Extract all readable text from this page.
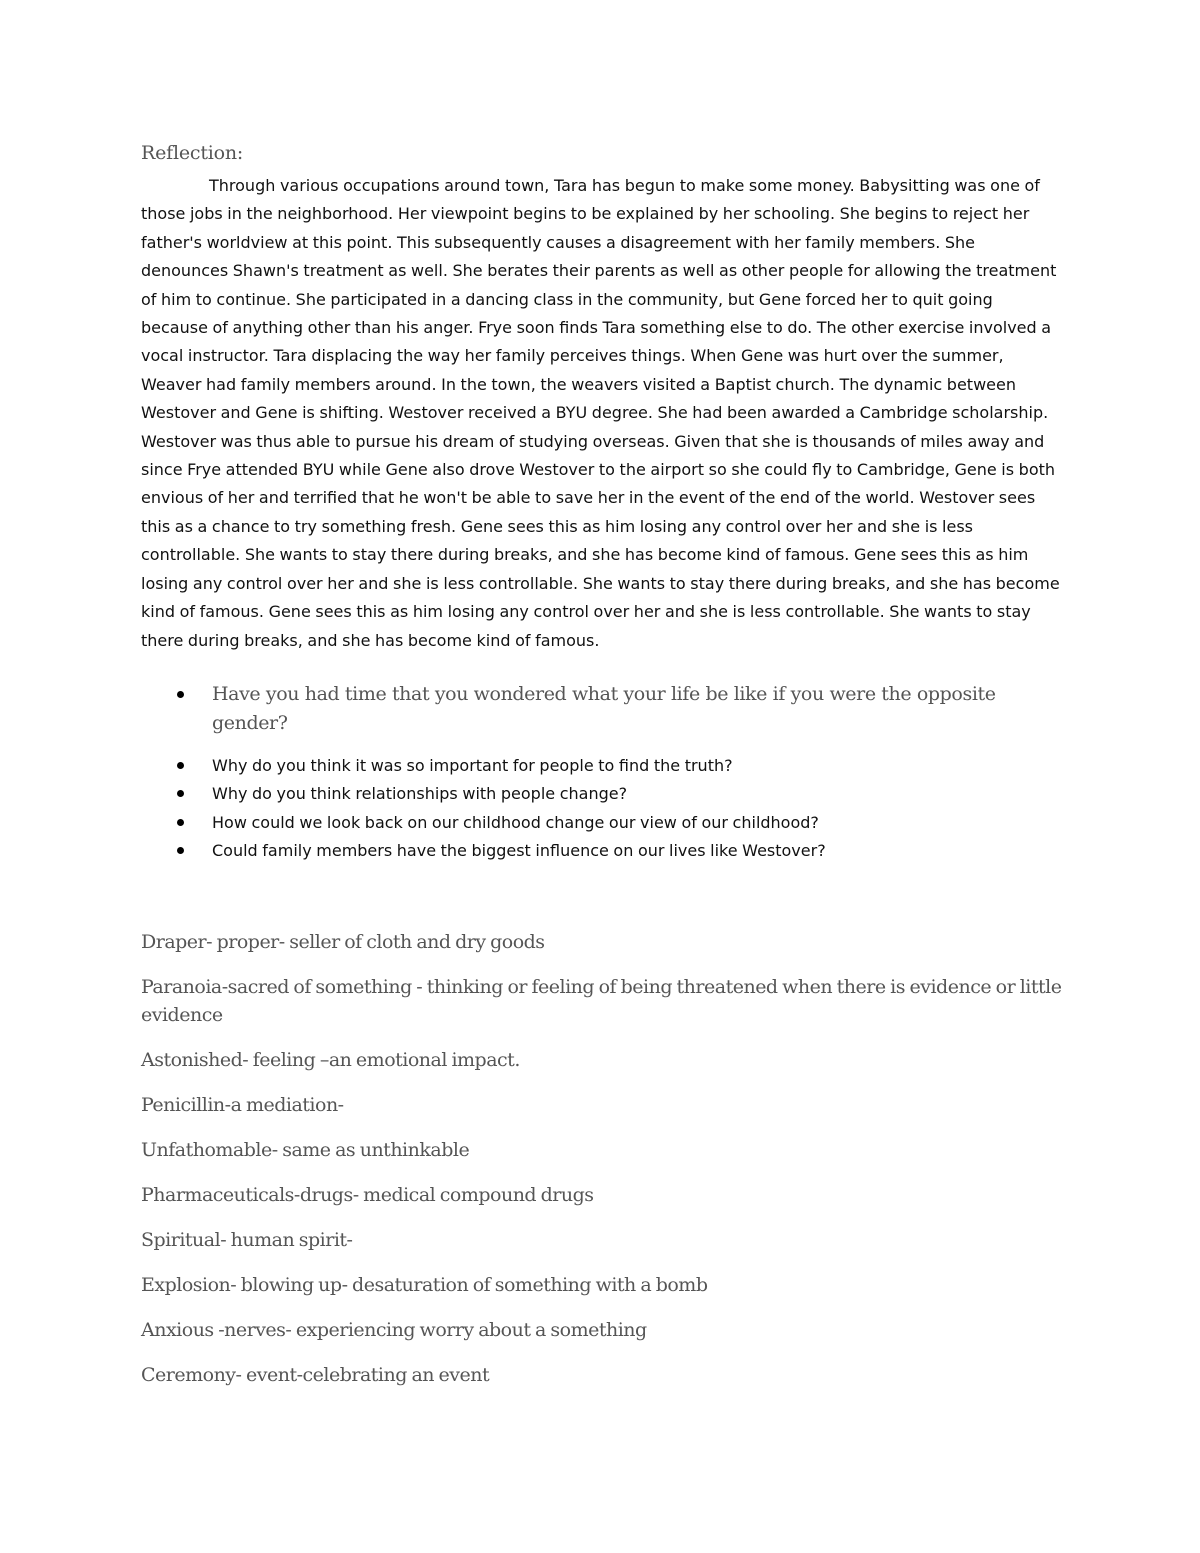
Reflection:
Through various occupations around town, Tara has begun to make some money. Babysitting was one of those jobs in the neighborhood. Her viewpoint begins to be explained by her schooling. She begins to reject her father's worldview at this point. This subsequently causes a disagreement with her family members. She denounces Shawn's treatment as well. She berates their parents as well as other people for allowing the treatment of him to continue. She participated in a dancing class in the community, but Gene forced her to quit going because of anything other than his anger. Frye soon finds Tara something else to do. The other exercise involved a vocal instructor. Tara displacing the way her family perceives things. When Gene was hurt over the summer, Weaver had family members around. In the town, the weavers visited a Baptist church. The dynamic between Westover and Gene is shifting. Westover received a BYU degree. She had been awarded a Cambridge scholarship. Westover was thus able to pursue his dream of studying overseas. Given that she is thousands of miles away and since Frye attended BYU while Gene also drove Westover to the airport so she could fly to Cambridge, Gene is both envious of her and terrified that he won't be able to save her in the event of the end of the world. Westover sees this as a chance to try something fresh. Gene sees this as him losing any control over her and she is less controllable. She wants to stay there during breaks, and she has become kind of famous. Gene sees this as him losing any control over her and she is less controllable. She wants to stay there during breaks, and she has become kind of famous. Gene sees this as him losing any control over her and she is less controllable. She wants to stay there during breaks, and she has become kind of famous.
Have you had time that you wondered what your life be like if you were the opposite gender?
Why do you think it was so important for people to find the truth?
Why do you think relationships with people change?
How could we look back on our childhood change our view of our childhood?
Could family members have the biggest influence on our lives like Westover?
Draper- proper- seller of cloth and dry goods
Paranoia-sacred of something - thinking or feeling of being threatened when there is evidence or little evidence
Astonished- feeling –an emotional impact.
Penicillin-a mediation-
Unfathomable- same as unthinkable
Pharmaceuticals-drugs- medical compound drugs
Spiritual- human spirit-
Explosion- blowing up- desaturation of something with a bomb
Anxious -nerves- experiencing worry about a something
Ceremony- event-celebrating an event
